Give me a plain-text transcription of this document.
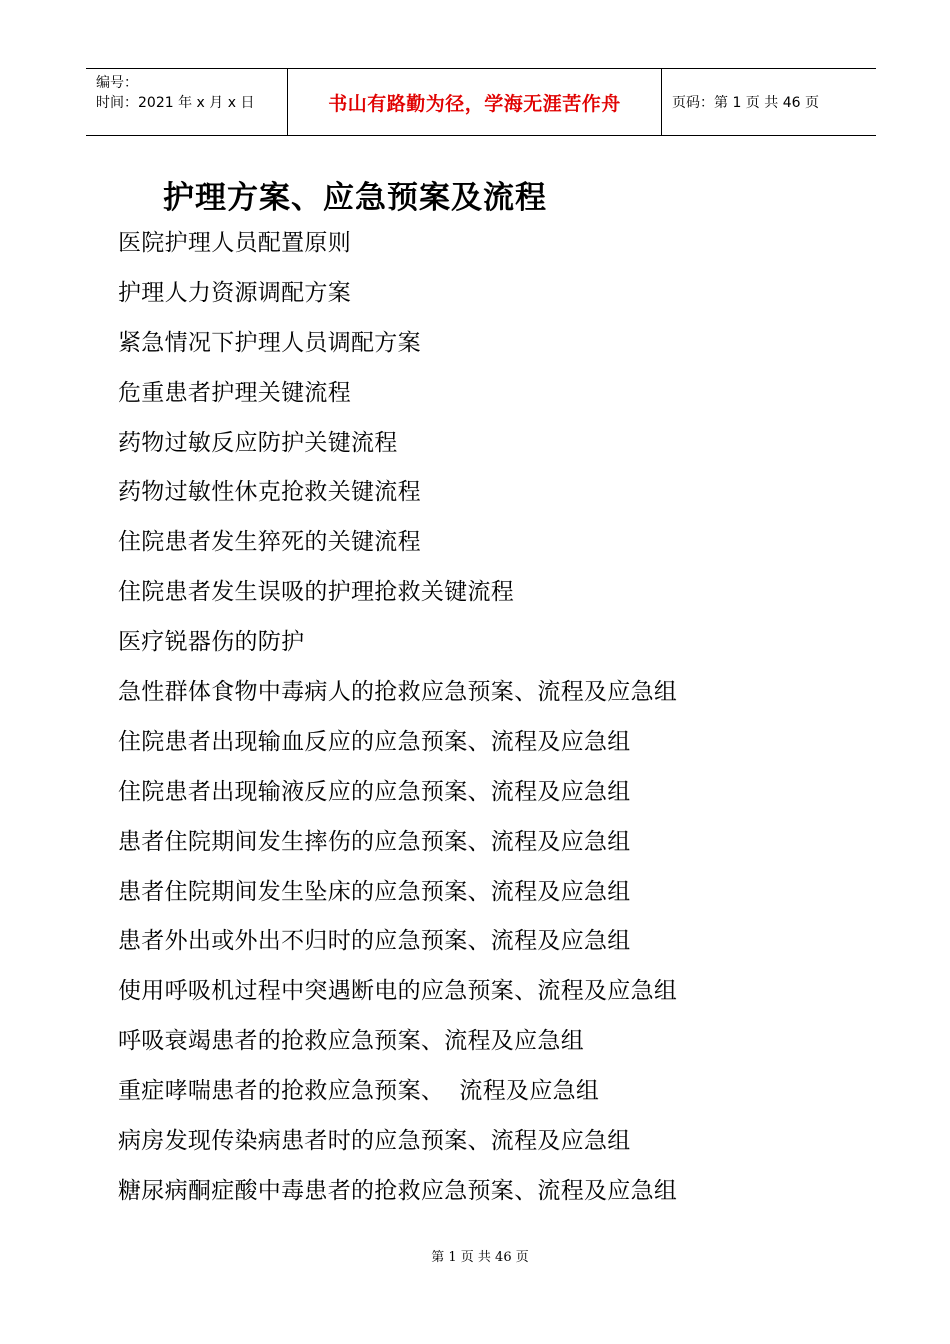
编号：
时间：2021 年 x 月 x 日	书山有路勤为径，学海无涯苦作舟	页码：第 1 页 共 46 页
护理方案、应急预案及流程
医院护理人员配置原则
护理人力资源调配方案
紧急情况下护理人员调配方案
危重患者护理关键流程
药物过敏反应防护关键流程
药物过敏性休克抢救关键流程
住院患者发生猝死的关键流程
住院患者发生误吸的护理抢救关键流程
医疗锐器伤的防护
急性群体食物中毒病人的抢救应急预案、流程及应急组
住院患者出现输血反应的应急预案、流程及应急组
住院患者出现输液反应的应急预案、流程及应急组
患者住院期间发生摔伤的应急预案、流程及应急组
患者住院期间发生坠床的应急预案、流程及应急组
患者外出或外出不归时的应急预案、流程及应急组
使用呼吸机过程中突遇断电的应急预案、流程及应急组
呼吸衰竭患者的抢救应急预案、流程及应急组
重症哮喘患者的抢救应急预案、  流程及应急组
病房发现传染病患者时的应急预案、流程及应急组
糖尿病酮症酸中毒患者的抢救应急预案、流程及应急组
第 1 页 共 46 页
